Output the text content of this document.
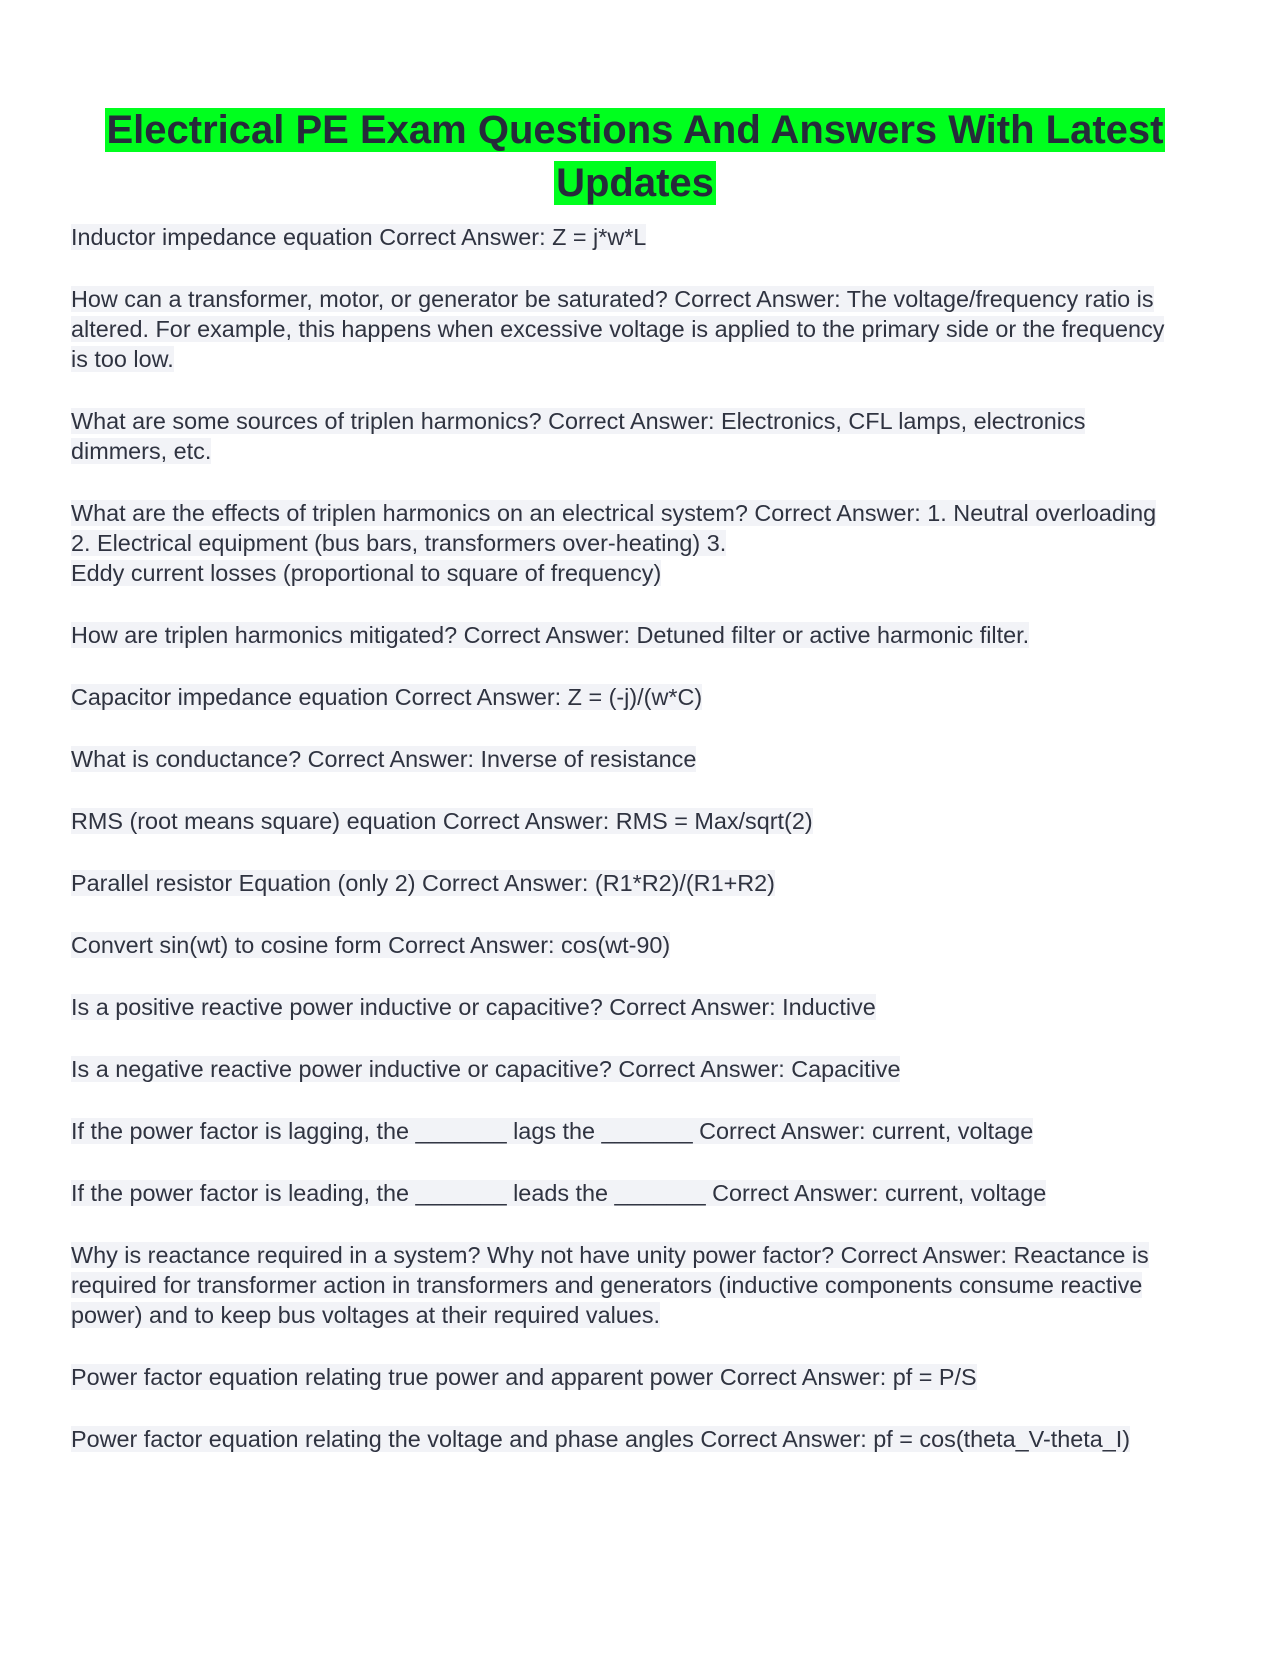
Electrical PE Exam Questions And Answers With Latest Updates

Inductor impedance equation Correct Answer: Z = j*w*L

How can a transformer, motor, or generator be saturated? Correct Answer: The voltage/frequency ratio is altered. For example, this happens when excessive voltage is applied to the primary side or the frequency is too low.

What are some sources of triplen harmonics? Correct Answer: Electronics, CFL lamps, electronics dimmers, etc.

What are the effects of triplen harmonics on an electrical system? Correct Answer: 1. Neutral overloading
2. Electrical equipment (bus bars, transformers over-heating) 3.
Eddy current losses (proportional to square of frequency)

How are triplen harmonics mitigated? Correct Answer: Detuned filter or active harmonic filter.

Capacitor impedance equation Correct Answer: Z = (-j)/(w*C)

What is conductance? Correct Answer: Inverse of resistance

RMS (root means square) equation Correct Answer: RMS = Max/sqrt(2)

Parallel resistor Equation (only 2) Correct Answer: (R1*R2)/(R1+R2)

Convert sin(wt) to cosine form Correct Answer: cos(wt-90)

Is a positive reactive power inductive or capacitive? Correct Answer: Inductive

Is a negative reactive power inductive or capacitive? Correct Answer: Capacitive

If the power factor is lagging, the _______ lags the _______ Correct Answer: current, voltage

If the power factor is leading, the _______ leads the _______ Correct Answer: current, voltage

Why is reactance required in a system? Why not have unity power factor? Correct Answer: Reactance is required for transformer action in transformers and generators (inductive components consume reactive power) and to keep bus voltages at their required values.

Power factor equation relating true power and apparent power Correct Answer: pf = P/S

Power factor equation relating the voltage and phase angles Correct Answer: pf = cos(theta_V-theta_I)
